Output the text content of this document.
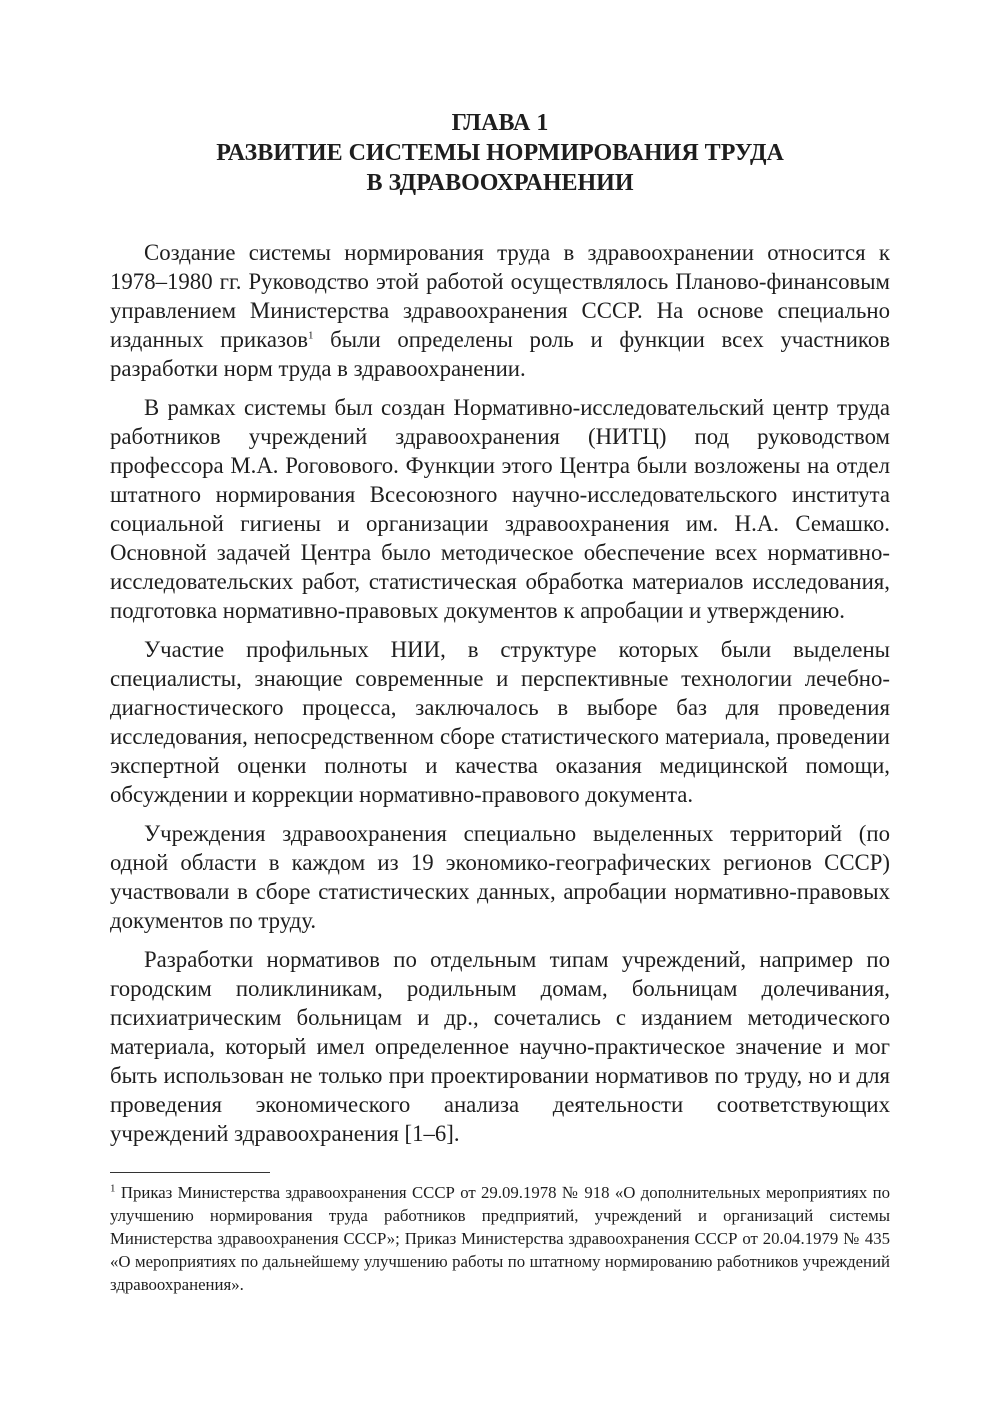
ГЛАВА 1
РАЗВИТИЕ СИСТЕМЫ НОРМИРОВАНИЯ ТРУДА
В ЗДРАВООХРАНЕНИИ

Создание системы нормирования труда в здравоохранении относится к 1978–1980 гг. Руководство этой работой осуществлялось Планово-финансовым управлением Министерства здравоохранения СССР. На основе специально изданных приказов$^1$ были определены роль и функции всех участников разработки норм труда в здравоохранении.

В рамках системы был создан Нормативно-исследовательский центр труда работников учреждений здравоохранения (НИТЦ) под руководством профессора М.А. Роговового. Функции этого Центра были возложены на отдел штатного нормирования Всесоюзного научно-исследовательского института социальной гигиены и организации здравоохранения им. Н.А. Семашко. Основной задачей Центра было методическое обеспечение всех нормативно-исследовательских работ, статистическая обработка материалов исследования, подготовка нормативно-правовых документов к апробации и утверждению.

Участие профильных НИИ, в структуре которых были выделены специалисты, знающие современные и перспективные технологии лечебно-диагностического процесса, заключалось в выборе баз для проведения исследования, непосредственном сборе статистического материала, проведении экспертной оценки полноты и качества оказания медицинской помощи, обсуждении и коррекции нормативно-правового документа.

Учреждения здравоохранения специально выделенных территорий (по одной области в каждом из 19 экономико-географических регионов СССР) участвовали в сборе статистических данных, апробации нормативно-правовых документов по труду.

Разработки нормативов по отдельным типам учреждений, например по городским поликлиникам, родильным домам, больницам долечивания, психиатрическим больницам и др., сочетались с изданием методического материала, который имел определенное научно-практическое значение и мог быть использован не только при проектировании нормативов по труду, но и для проведения экономического анализа деятельности соответствующих учреждений здравоохранения [1–6].

$^1$ Приказ Министерства здравоохранения СССР от 29.09.1978 № 918 «О дополнительных мероприятиях по улучшению нормирования труда работников предприятий, учреждений и организаций системы Министерства здравоохранения СССР»; Приказ Министерства здравоохранения СССР от 20.04.1979 № 435 «О мероприятиях по дальнейшему улучшению работы по штатному нормированию работников учреждений здравоохранения».
